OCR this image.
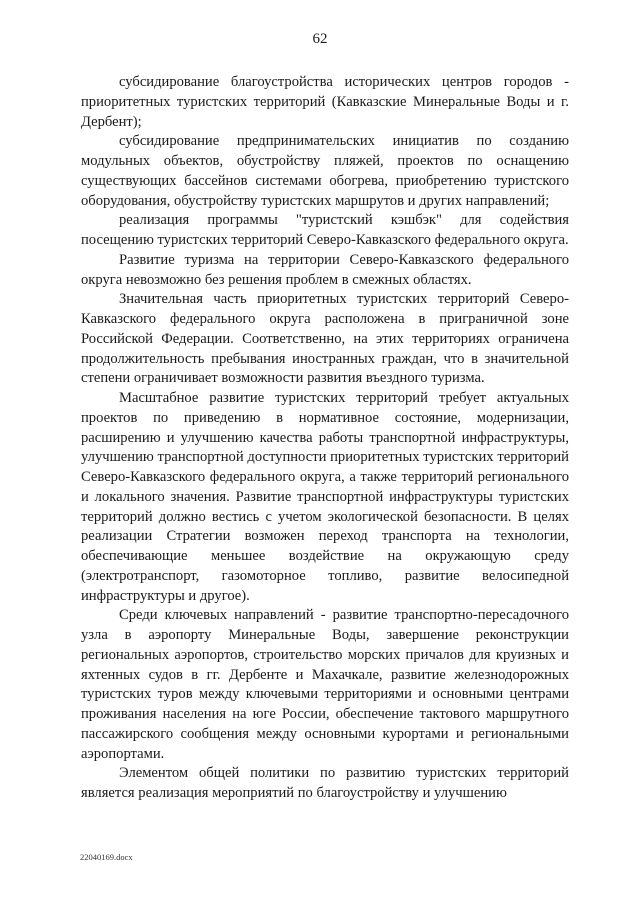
62

субсидирование благоустройства исторических центров городов - приоритетных туристских территорий (Кавказские Минеральные Воды и г. Дербент);

субсидирование предпринимательских инициатив по созданию модульных объектов, обустройству пляжей, проектов по оснащению существующих бассейнов системами обогрева, приобретению туристского оборудования, обустройству туристских маршрутов и других направлений;

реализация программы "туристский кэшбэк" для содействия посещению туристских территорий Северо-Кавказского федерального округа.

Развитие туризма на территории Северо-Кавказского федерального округа невозможно без решения проблем в смежных областях.

Значительная часть приоритетных туристских территорий Северо-Кавказского федерального округа расположена в приграничной зоне Российской Федерации. Соответственно, на этих территориях ограничена продолжительность пребывания иностранных граждан, что в значительной степени ограничивает возможности развития въездного туризма.

Масштабное развитие туристских территорий требует актуальных проектов по приведению в нормативное состояние, модернизации, расширению и улучшению качества работы транспортной инфраструктуры, улучшению транспортной доступности приоритетных туристских территорий Северо-Кавказского федерального округа, а также территорий регионального и локального значения. Развитие транспортной инфраструктуры туристских территорий должно вестись с учетом экологической безопасности. В целях реализации Стратегии возможен переход транспорта на технологии, обеспечивающие меньшее воздействие на окружающую среду (электротранспорт, газомоторное топливо, развитие велосипедной инфраструктуры и другое).

Среди ключевых направлений - развитие транспортно-пересадочного узла в аэропорту Минеральные Воды, завершение реконструкции региональных аэропортов, строительство морских причалов для круизных и яхтенных судов в гг. Дербенте и Махачкале, развитие железнодорожных туристских туров между ключевыми территориями и основными центрами проживания населения на юге России, обеспечение тактового маршрутного пассажирского сообщения между основными курортами и региональными аэропортами.

Элементом общей политики по развитию туристских территорий является реализация мероприятий по благоустройству и улучшению

22040169.docx
